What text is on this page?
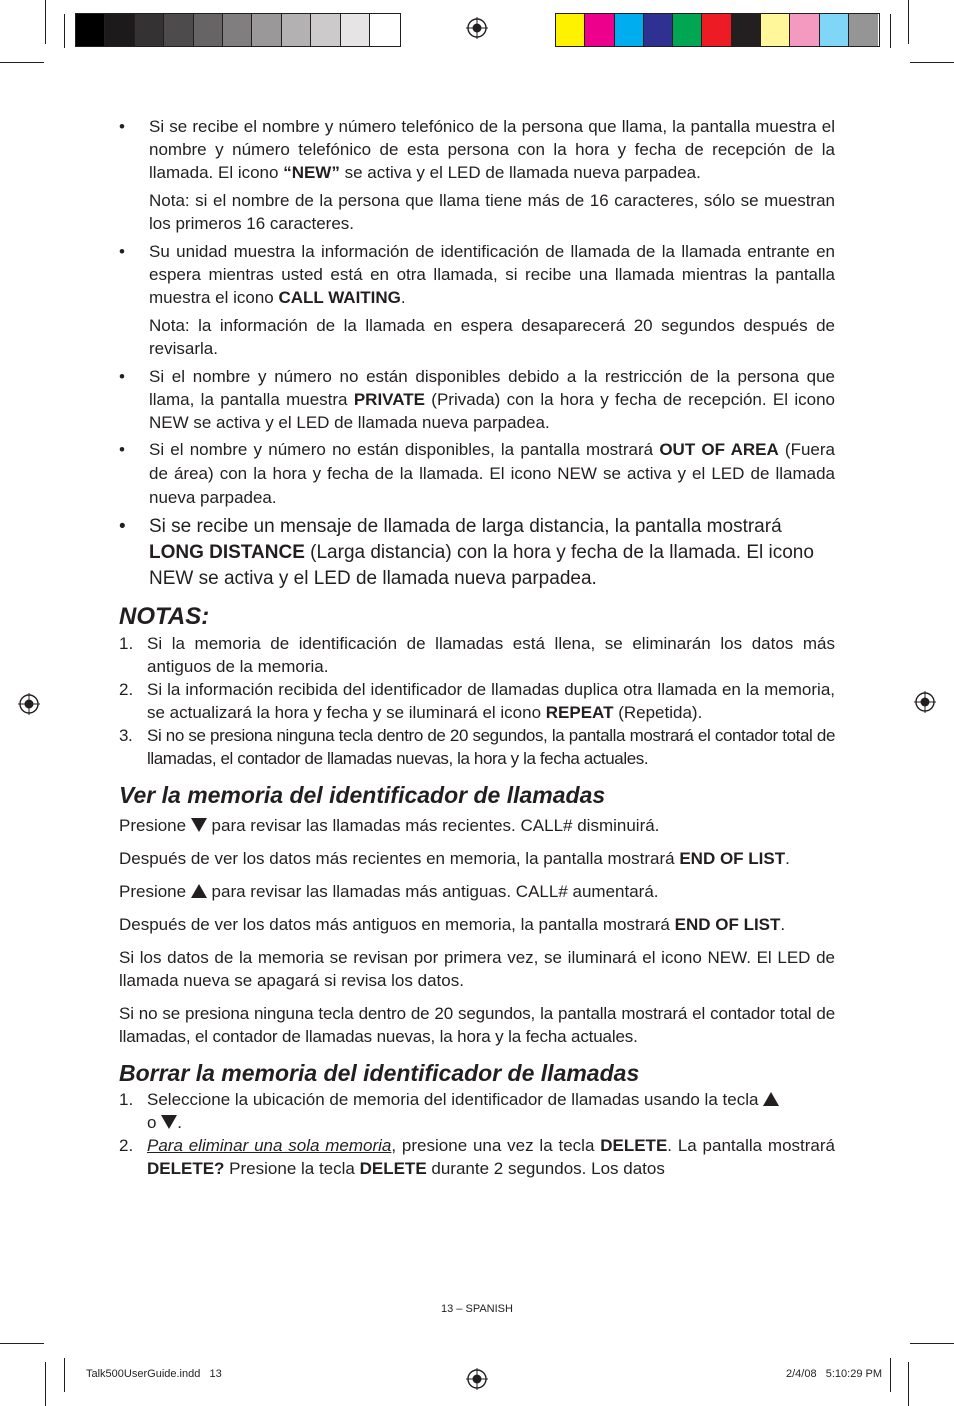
• Si se recibe el nombre y número telefónico de la persona que llama, la pantalla muestra el nombre y número telefónico de esta persona con la hora y fecha de recepción de la llamada. El icono “NEW” se activa y el LED de llamada nueva parpadea.

Nota: si el nombre de la persona que llama tiene más de 16 caracteres, sólo se muestran los primeros 16 caracteres.

• Su unidad muestra la información de identificación de llamada de la llamada entrante en espera mientras usted está en otra llamada, si recibe una llamada mientras la pantalla muestra el icono CALL WAITING.

Nota: la información de la llamada en espera desaparecerá 20 segundos después de revisarla.

• Si el nombre y número no están disponibles debido a la restricción de la persona que llama, la pantalla muestra PRIVATE (Privada) con la hora y fecha de recepción. El icono NEW se activa y el LED de llamada nueva parpadea.
• Si el nombre y número no están disponibles, la pantalla mostrará OUT OF AREA (Fuera de área) con la hora y fecha de la llamada. El icono NEW se activa y el LED de llamada nueva parpadea.
• Si se recibe un mensaje de llamada de larga distancia, la pantalla mostrará LONG DISTANCE (Larga distancia) con la hora y fecha de la llamada. El icono NEW se activa y el LED de llamada nueva parpadea.
NOTAS:
1. Si la memoria de identificación de llamadas está llena, se eliminarán los datos más antiguos de la memoria.
2. Si la información recibida del identificador de llamadas duplica otra llamada en la memoria, se actualizará la hora y fecha y se iluminará el icono REPEAT (Repetida).
3. Si no se presiona ninguna tecla dentro de 20 segundos, la pantalla mostrará el contador total de llamadas, el contador de llamadas nuevas, la hora y la fecha actuales.
Ver la memoria del identificador de llamadas

Presione  para revisar las llamadas más recientes. CALL# disminuirá.

Después de ver los datos más recientes en memoria, la pantalla mostrará END OF LIST.

Presione  para revisar las llamadas más antiguas. CALL# aumentará.

Después de ver los datos más antiguos en memoria, la pantalla mostrará END OF LIST.

Si los datos de la memoria se revisan por primera vez, se iluminará el icono NEW. El LED de llamada nueva se apagará si revisa los datos.

Si no se presiona ninguna tecla dentro de 20 segundos, la pantalla mostrará el contador total de llamadas, el contador de llamadas nuevas, la hora y la fecha actuales.

Borrar la memoria del identificador de llamadas
1. Seleccione la ubicación de memoria del identificador de llamadas usando la tecla
o .
2. Para eliminar una sola memoria, presione una vez la tecla DELETE. La pantalla mostrará DELETE? Presione la tecla DELETE durante 2 segundos. Los datos
13 – SPANISH
Talk500UserGuide.indd   13	2/4/08   5:10:29 PM
